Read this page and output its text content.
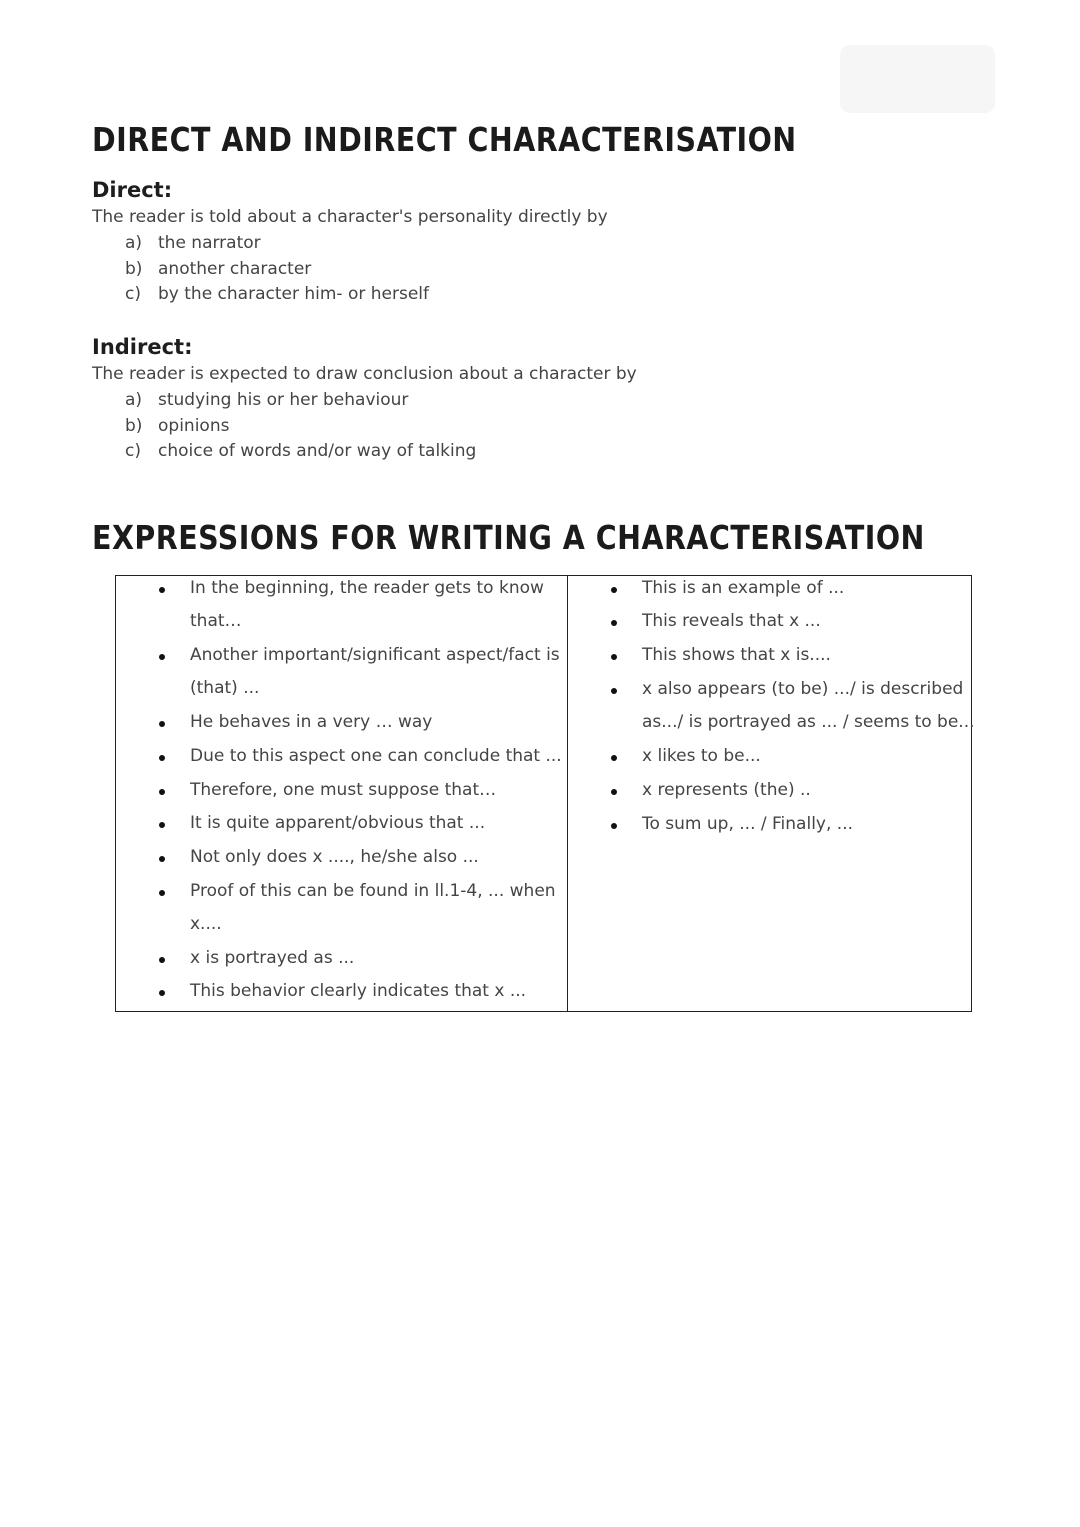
DIRECT AND INDIRECT CHARACTERISATION
Direct:

The reader is told about a character's personality directly by

a) the narrator
b) another character
c)	by the character him- or herself
Indirect:

The reader is expected to draw conclusion about a character by

a) studying his or her behaviour
b) opinions
c)	choice of words and/or way of talking
EXPRESSIONS FOR WRITING A CHARACTERISATION
In the beginning, the reader gets to know
that…
Another important/significant aspect/fact is
(that) ...
He behaves in a very … way
Due to this aspect one can conclude that ...
Therefore, one must suppose that…
It is quite apparent/obvious that ...
Not only does x ...., he/she also ...
Proof of this can be found in ll.1-4, ... when
x....
x is portrayed as ...
This behavior clearly indicates that x ...
This is an example of ...
This reveals that x ...
This shows that x is....
x also appears (to be) .../ is described
as.../ is portrayed as ... / seems to be...
x likes to be...
x represents (the) ..
To sum up, ... / Finally, ...
